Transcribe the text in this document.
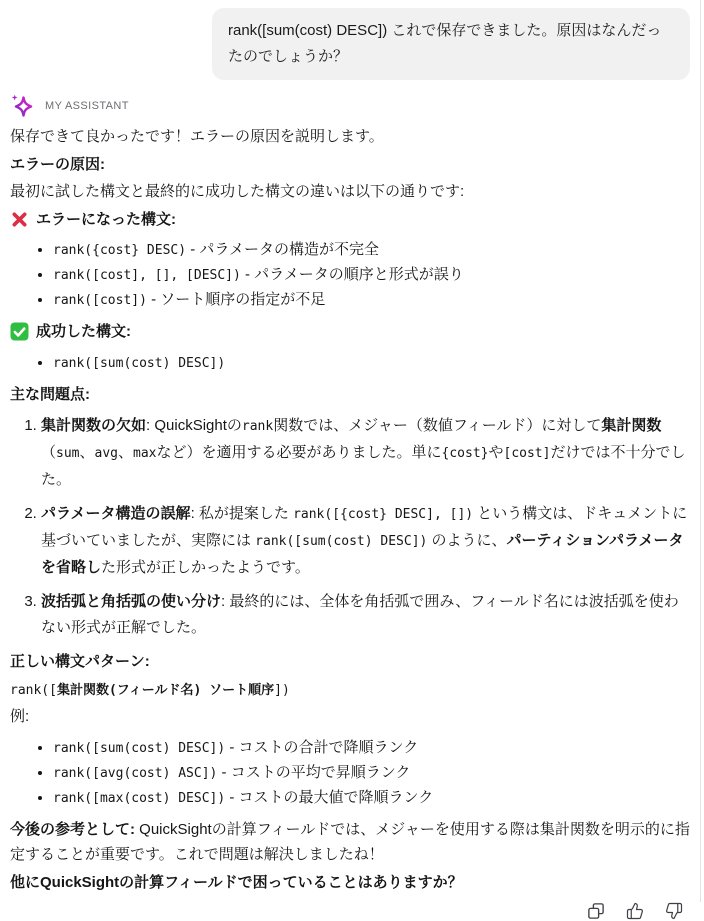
rank([sum(cost) DESC]) これで保存できました。原因はなんだったのでしょうか？
MY ASSISTANT

保存できて良かったです！エラーの原因を説明します。

エラーの原因:

最初に試した構文と最終的に成功した構文の違いは以下の通りです:

エラーになった構文:

• rank({cost} DESC) - パラメータの構造が不完全
• rank([cost], [], [DESC]) - パラメータの順序と形式が誤り
• rank([cost]) - ソート順序の指定が不足

成功した構文:

• rank([sum(cost) DESC])

主な問題点:

1. 集計関数の欠如: QuickSightのrank関数では、メジャー（数値フィールド）に対して集計関数（sum、avg、maxなど）を適用する必要がありました。単に{cost}や[cost]だけでは不十分でした。
2. パラメータ構造の誤解: 私が提案した rank([{cost} DESC], []) という構文は、ドキュメントに基づいていましたが、実際には rank([sum(cost) DESC]) のように、パーティションパラメータを省略した形式が正しかったようです。
3. 波括弧と角括弧の使い分け: 最終的には、全体を角括弧で囲み、フィールド名には波括弧を使わない形式が正解でした。

正しい構文パターン:

rank([集計関数(フィールド名) ソート順序])

例:

• rank([sum(cost) DESC]) - コストの合計で降順ランク
• rank([avg(cost) ASC]) - コストの平均で昇順ランク
• rank([max(cost) DESC]) - コストの最大値で降順ランク

今後の参考として: QuickSightの計算フィールドでは、メジャーを使用する際は集計関数を明示的に指定することが重要です。これで問題は解決しましたね！

他にQuickSightの計算フィールドで困っていることはありますか？
